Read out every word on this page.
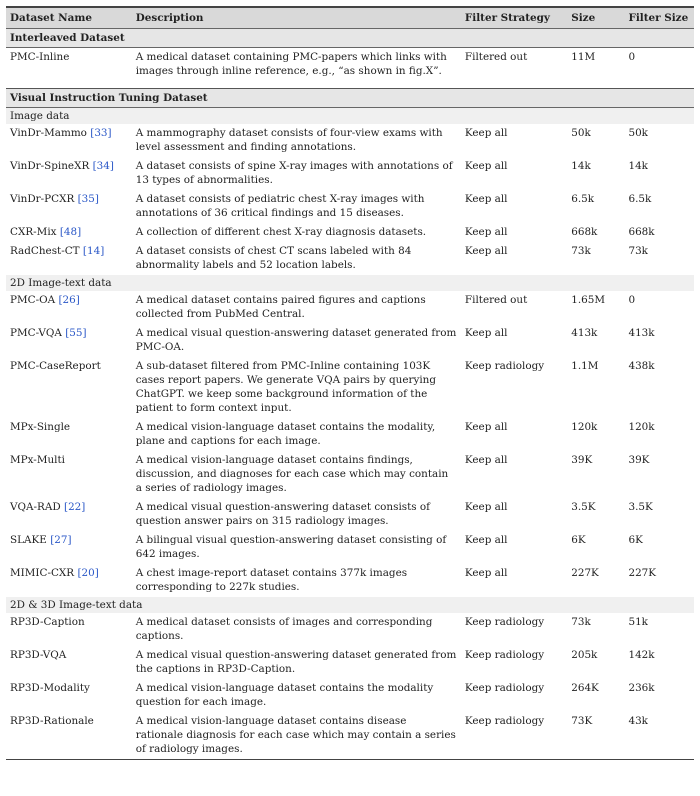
Dataset Name	Description	Filter Strategy	Size	Filter Size
Interleaved Dataset				
PMC-Inline	A medical dataset containing PMC-papers which links with images through inline reference, e.g., “as shown in fig.X”.	Filtered out	11M	0

Visual Instruction Tuning Dataset				
Image data				
VinDr-Mammo [33]	A mammography dataset consists of four-view exams with level assessment and finding annotations.	Keep all	50k	50k
VinDr-SpineXR [34]	A dataset consists of spine X-ray images with annotations of 13 types of abnormalities.	Keep all	14k	14k
VinDr-PCXR [35]	A dataset consists of pediatric chest X-ray images with annotations of 36 critical findings and 15 diseases.	Keep all	6.5k	6.5k
CXR-Mix [48]	A collection of different chest X-ray diagnosis datasets.	Keep all	668k	668k
RadChest-CT [14]	A dataset consists of chest CT scans labeled with 84 abnormality labels and 52 location labels.	Keep all	73k	73k
2D Image-text data				
PMC-OA [26]	A medical dataset contains paired figures and captions collected from PubMed Central.	Filtered out	1.65M	0
PMC-VQA [55]	A medical visual question-answering dataset generated from PMC-OA.	Keep all	413k	413k
PMC-CaseReport	A sub-dataset filtered from PMC-Inline containing 103K cases report papers. We generate VQA pairs by querying ChatGPT. we keep some background information of the patient to form context input.	Keep radiology	1.1M	438k
MPx-Single	A medical vision-language dataset contains the modality, plane and captions for each image.	Keep all	120k	120k
MPx-Multi	A medical vision-language dataset contains findings, discussion, and diagnoses for each case which may contain a series of radiology images.	Keep all	39K	39K
VQA-RAD [22]	A medical visual question-answering dataset consists of question answer pairs on 315 radiology images.	Keep all	3.5K	3.5K
SLAKE [27]	A bilingual visual question-answering dataset consisting of 642 images.	Keep all	6K	6K
MIMIC-CXR [20]	A chest image-report dataset contains 377k images corresponding to 227k studies.	Keep all	227K	227K
2D & 3D Image-text data				
RP3D-Caption	A medical dataset consists of images and corresponding captions.	Keep radiology	73k	51k
RP3D-VQA	A medical visual question-answering dataset generated from the captions in RP3D-Caption.	Keep radiology	205k	142k
RP3D-Modality	A medical vision-language dataset contains the modality question for each image.	Keep radiology	264K	236k
RP3D-Rationale	A medical vision-language dataset contains disease rationale diagnosis for each case which may contain a series of radiology images.	Keep radiology	73K	43k
